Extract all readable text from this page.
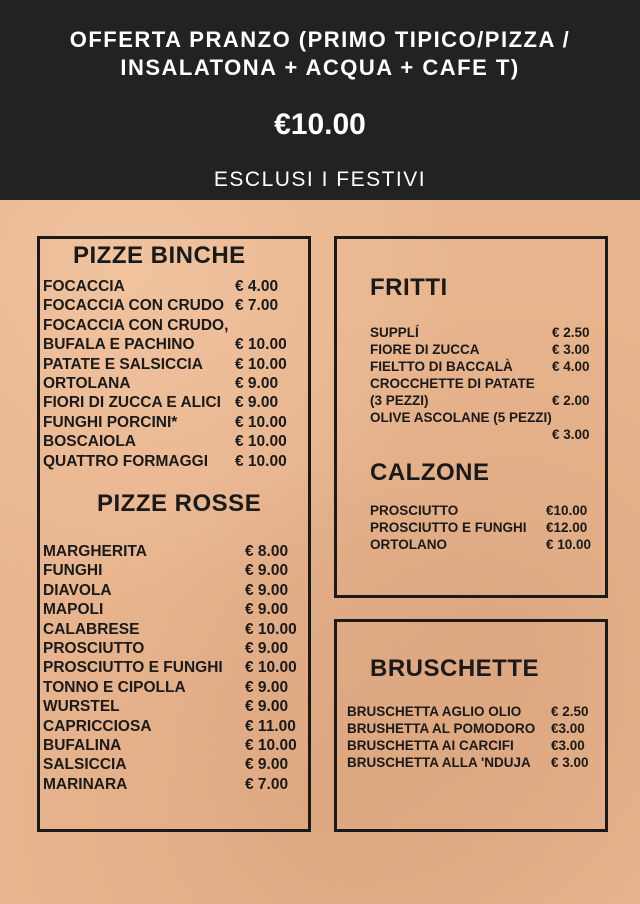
OFFERTA PRANZO (PRIMO TIPICO/PIZZA /
INSALATONA + ACQUA + CAFE T)
€10.00
ESCLUSI I FESTIVI
PIZZE BINCHE
FOCACCIA	€ 4.00
FOCACCIA CON CRUDO € 7.00
FOCACCIA CON CRUDO,
BUFALA E PACHINO	€ 10.00
PATATE E SALSICCIA € 10.00
ORTOLANA	€ 9.00
FIORI DI ZUCCA E ALICI € 9.00
FUNGHI PORCINI*	€ 10.00
BOSCAIOLA	€ 10.00
QUATTRO FORMAGGI € 10.00
PIZZE ROSSE
MARGHERITA	€ 8.00
FUNGHI	€ 9.00
DIAVOLA	€ 9.00
MAPOLI	€ 9.00
CALABRESE	€ 10.00
PROSCIUTTO	€ 9.00
PROSCIUTTO E FUNGHI € 10.00
TONNO E CIPOLLA	€ 9.00
WURSTEL	€ 9.00
CAPRICCIOSA	€ 11.00
BUFALINA	€ 10.00
SALSICCIA	€ 9.00
MARINARA	€ 7.00
FRITTI
SUPPLÍ	€ 2.50
FIORE DI ZUCCA	€ 3.00
FIELTTO DI BACCALÀ	€ 4.00
CROCCHETTE DI PATATE
(3 PEZZI)	€ 2.00
OLIVE ASCOLANE (5 PEZZI)
€ 3.00
CALZONE
PROSCIUTTO	€10.00
PROSCIUTTO E FUNGHI €12.00
ORTOLANO	€ 10.00
BRUSCHETTE
BRUSCHETTA AGLIO OLIO € 2.50
BRUSHETTA AL POMODORO €3.00
BRUSCHETTA AI CARCIFI	€3.00
BRUSCHETTA ALLA 'NDUJA € 3.00
